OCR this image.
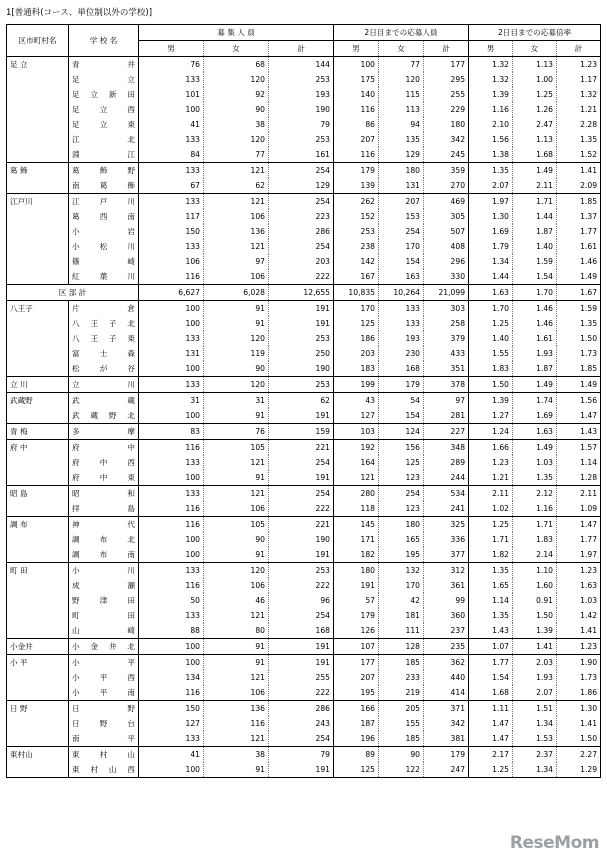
1[普通科(コース、単位制以外の学校)]
区市町村名	学 校 名	募 集 人 員			2日目までの応募人員			2日目までの応募倍率		
		男	女	計	男	女	計	男	女	計
足 立	青 井	76	68	144	100	77	177	1.32	1.13	1.23
	足 立	133	120	253	175	120	295	1.32	1.00	1.17
	足 立 新 田	101	92	193	140	115	255	1.39	1.25	1.32
	足 立 西	100	90	190	116	113	229	1.16	1.26	1.21
	足 立 東	41	38	79	86	94	180	2.10	2.47	2.28
	江 北	133	120	253	207	135	342	1.56	1.13	1.35
	淵 江	84	77	161	116	129	245	1.38	1.68	1.52
葛 飾	葛 飾 野	133	121	254	179	180	359	1.35	1.49	1.41
	南 葛 飾	67	62	129	139	131	270	2.07	2.11	2.09
江戸川	江 戸 川	133	121	254	262	207	469	1.97	1.71	1.85
	葛 西 南	117	106	223	152	153	305	1.30	1.44	1.37
	小 岩	150	136	286	253	254	507	1.69	1.87	1.77
	小 松 川	133	121	254	238	170	408	1.79	1.40	1.61
	篠 崎	106	97	203	142	154	296	1.34	1.59	1.46
	紅 葉 川	116	106	222	167	163	330	1.44	1.54	1.49
区 部 計		6,627	6,028	12,655	10,835	10,264	21,099	1.63	1.70	1.67
八王子	片 倉	100	91	191	170	133	303	1.70	1.46	1.59
	八 王 子 北	100	91	191	125	133	258	1.25	1.46	1.35
	八 王 子 東	133	120	253	186	193	379	1.40	1.61	1.50
	富 士 森	131	119	250	203	230	433	1.55	1.93	1.73
	松 が 谷	100	90	190	183	168	351	1.83	1.87	1.85
立 川	立 川	133	120	253	199	179	378	1.50	1.49	1.49
武蔵野	武 蔵	31	31	62	43	54	97	1.39	1.74	1.56
	武 蔵 野 北	100	91	191	127	154	281	1.27	1.69	1.47
青 梅	多 摩	83	76	159	103	124	227	1.24	1.63	1.43
府 中	府 中	116	105	221	192	156	348	1.66	1.49	1.57
	府 中 西	133	121	254	164	125	289	1.23	1.03	1.14
	府 中 東	100	91	191	121	123	244	1.21	1.35	1.28
昭 島	昭 和	133	121	254	280	254	534	2.11	2.12	2.11
	拝 島	116	106	222	118	123	241	1.02	1.16	1.09
調 布	神 代	116	105	221	145	180	325	1.25	1.71	1.47
	調 布 北	100	90	190	171	165	336	1.71	1.83	1.77
	調 布 南	100	91	191	182	195	377	1.82	2.14	1.97
町 田	小 川	133	120	253	180	132	312	1.35	1.10	1.23
	成 瀬	116	106	222	191	170	361	1.65	1.60	1.63
	野 津 田	50	46	96	57	42	99	1.14	0.91	1.03
	町 田	133	121	254	179	181	360	1.35	1.50	1.42
	山 崎	88	80	168	126	111	237	1.43	1.39	1.41
小金井	小 金 井 北	100	91	191	107	128	235	1.07	1.41	1.23
小 平	小 平	100	91	191	177	185	362	1.77	2.03	1.90
	小 平 西	134	121	255	207	233	440	1.54	1.93	1.73
	小 平 南	116	106	222	195	219	414	1.68	2.07	1.86
日 野	日 野	150	136	286	166	205	371	1.11	1.51	1.30
	日 野 台	127	116	243	187	155	342	1.47	1.34	1.41
	南 平	133	121	254	196	185	381	1.47	1.53	1.50
東村山	東 村 山	41	38	79	89	90	179	2.17	2.37	2.27
	東 村 山 西	100	91	191	125	122	247	1.25	1.34	1.29
ReseMom
